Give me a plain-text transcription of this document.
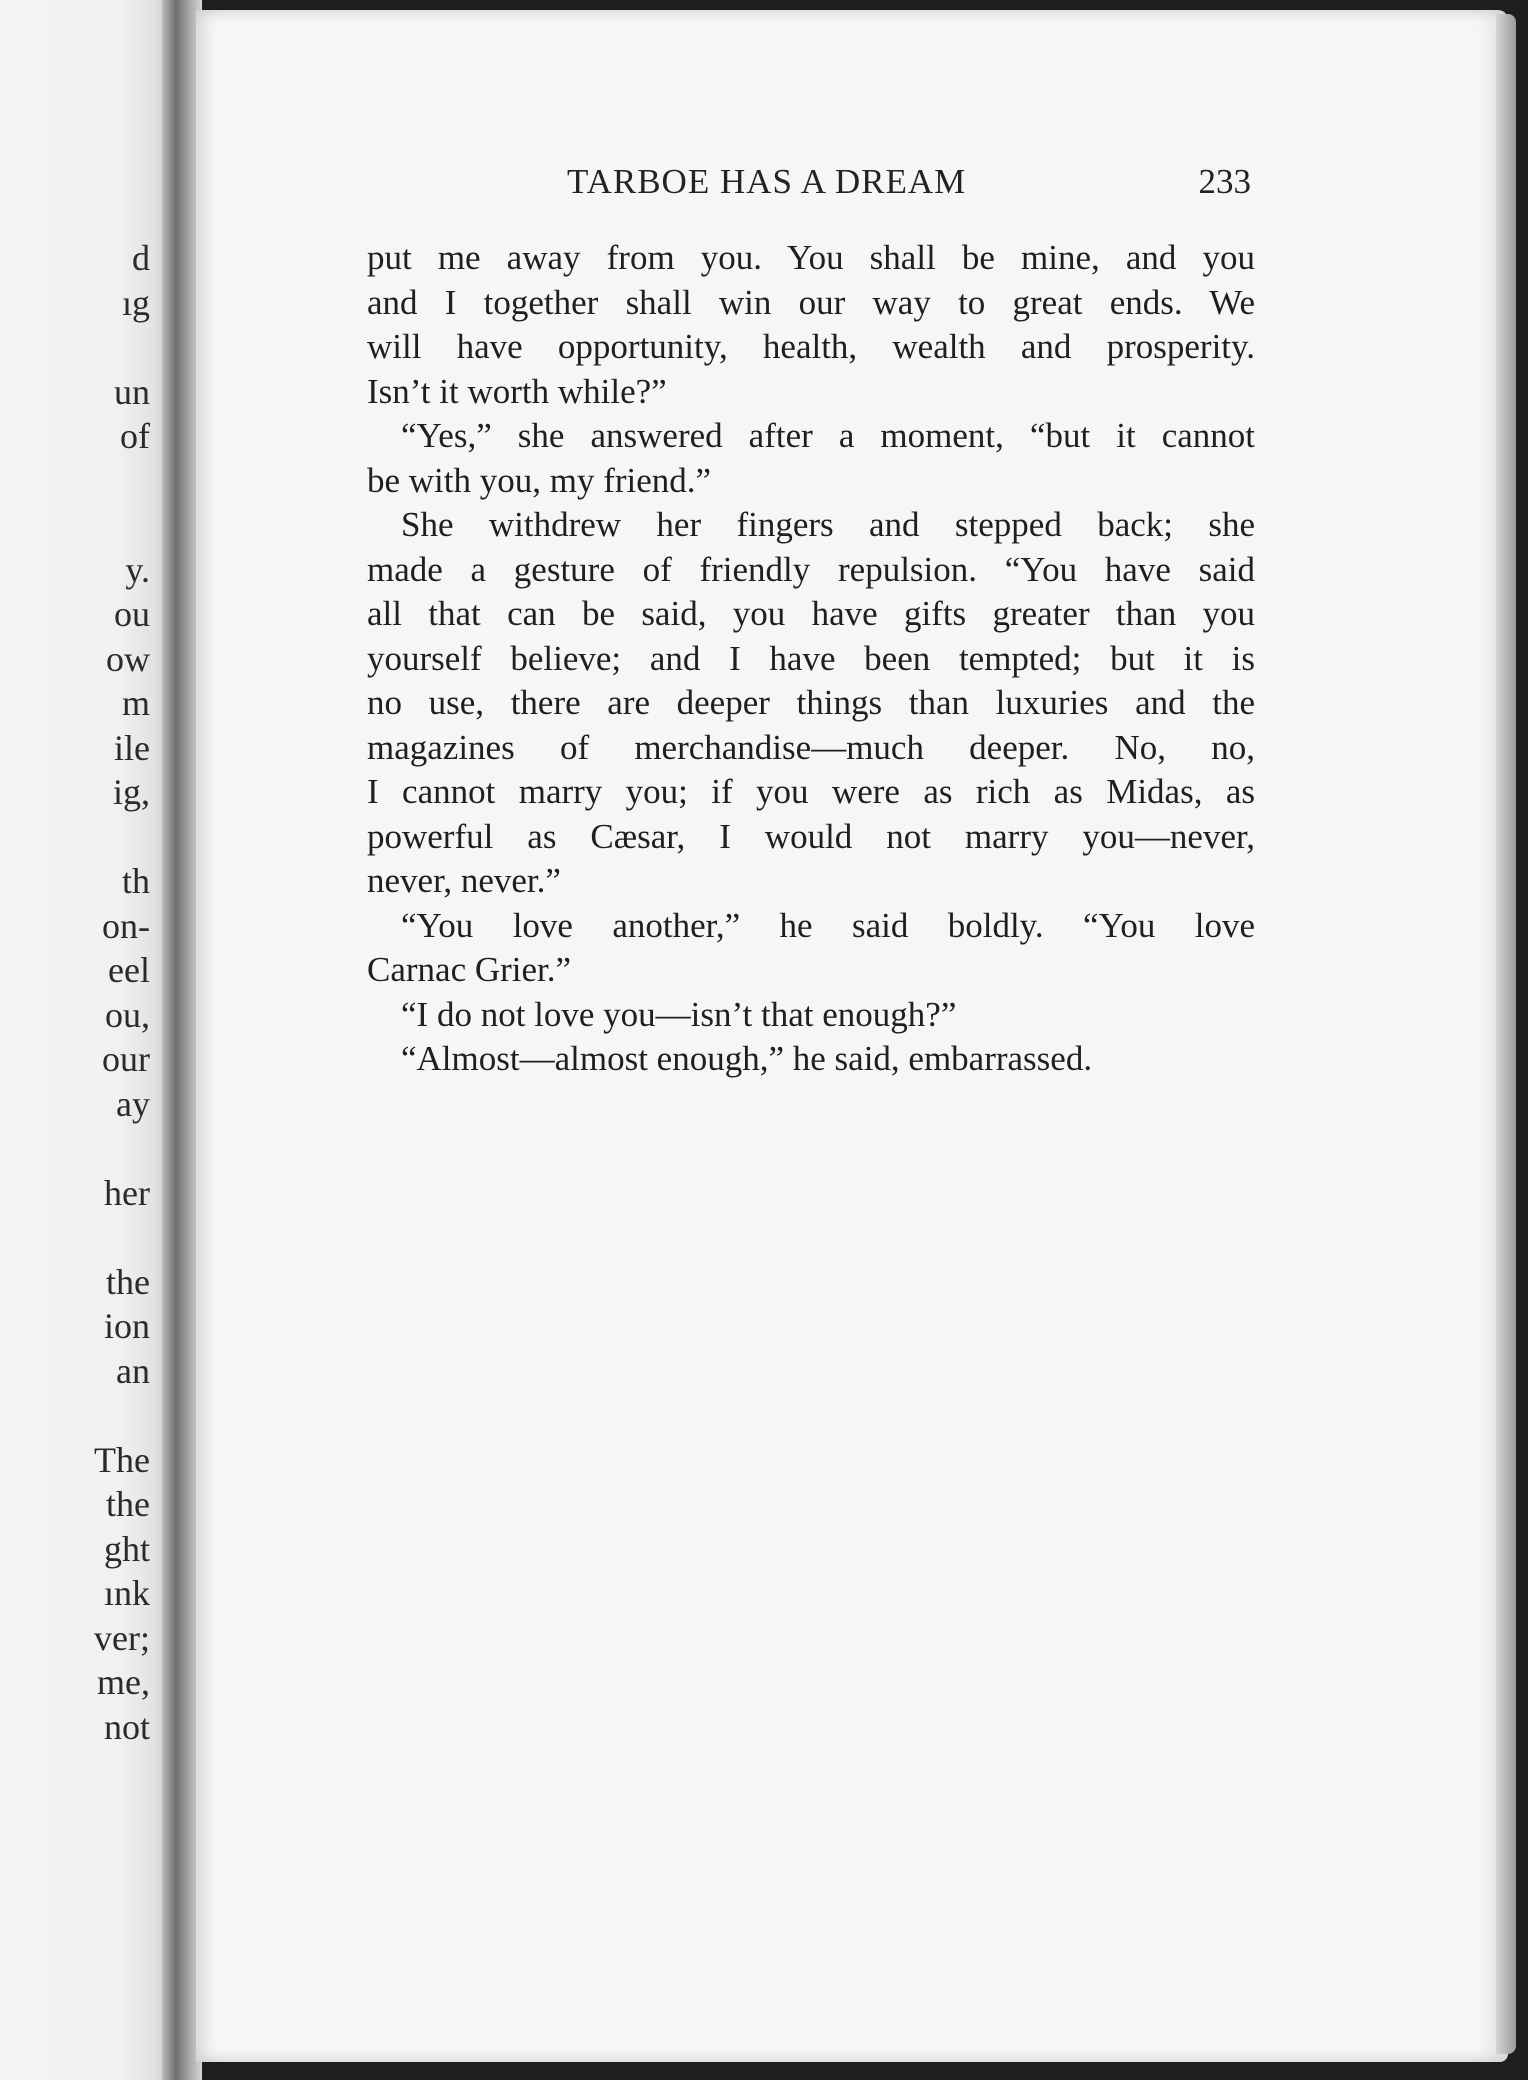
d
ıg
un
of
y.
ou
ow
m
ile
ig,
th
on-
eel
ou,
our
ay
her
the
ion
an
The
the
ght
ınk
ver;
me,
not
TARBOE HAS A DREAM	233
put me away from you. You shall be mine, and you
and I together shall win our way to great ends. We
will have opportunity, health, wealth and prosperity.
Isn’t it worth while?”
“Yes,” she answered after a moment, “but it cannot
be with you, my friend.”
She withdrew her fingers and stepped back; she
made a gesture of friendly repulsion. “You have said
all that can be said, you have gifts greater than you
yourself believe; and I have been tempted; but it is
no use, there are deeper things than luxuries and the
magazines of merchandise—much deeper. No, no,
I cannot marry you; if you were as rich as Midas, as
powerful as Cæsar, I would not marry you—never,
never, never.”
“You love another,” he said boldly. “You love
Carnac Grier.”
“I do not love you—isn’t that enough?”
“Almost—almost enough,” he said, embarrassed.
